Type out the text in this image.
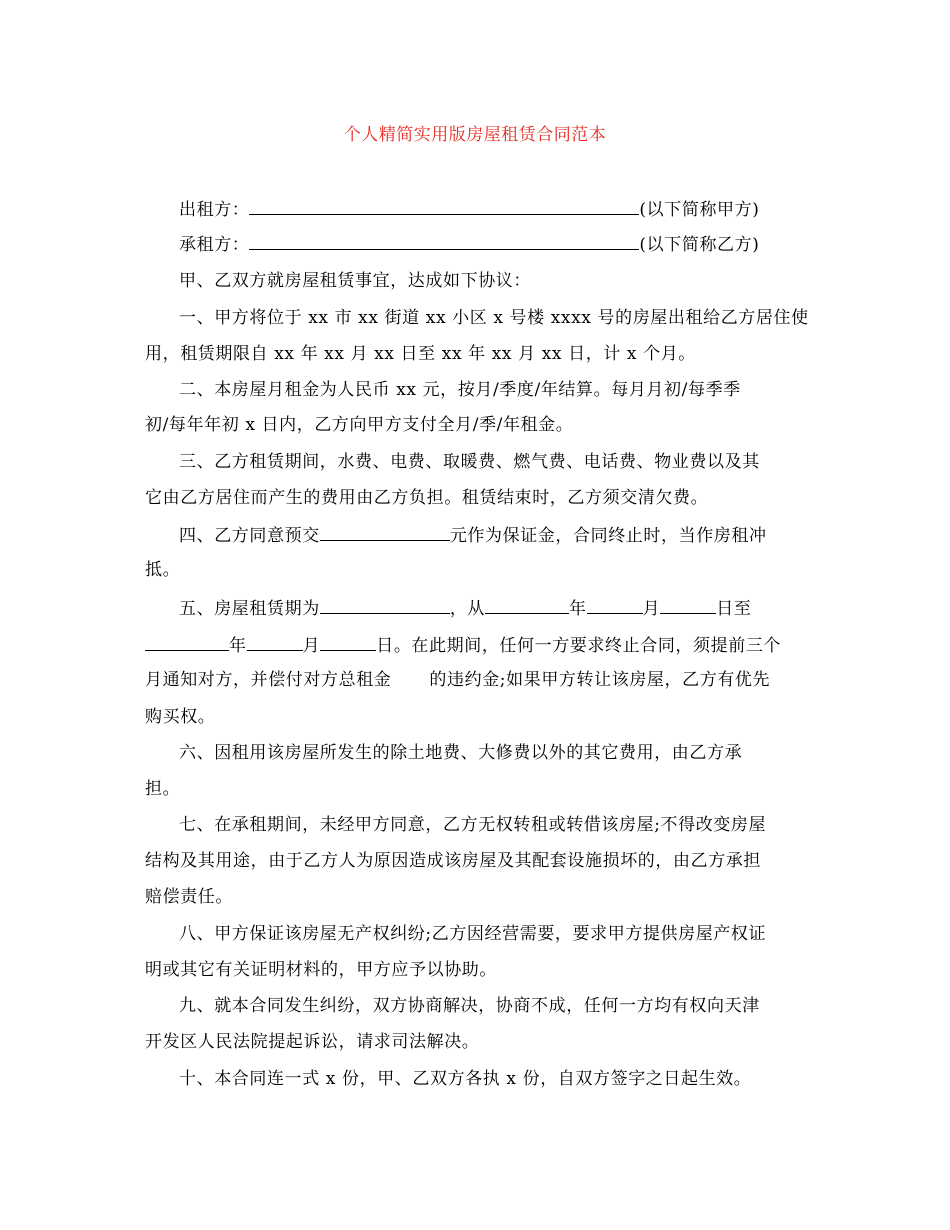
个人精简实用版房屋租赁合同范本
出租方：	(以下简称甲方)
承租方：	(以下简称乙方)
甲、乙双方就房屋租赁事宜，达成如下协议：
一、甲方将位于 xx 市 xx 街道 xx 小区 x 号楼 xxxx 号的房屋出租给乙方居住使
用，租赁期限自 xx 年 xx 月 xx 日至 xx 年 xx 月 xx 日，计 x 个月。
二、本房屋月租金为人民币 xx 元，按月/季度/年结算。每月月初/每季季
初/每年年初 x 日内，乙方向甲方支付全月/季/年租金。
三、乙方租赁期间，水费、电费、取暖费、燃气费、电话费、物业费以及其
它由乙方居住而产生的费用由乙方负担。租赁结束时，乙方须交清欠费。
四、乙方同意预交	元作为保证金，合同终止时，当作房租冲
抵。
五、房屋租赁期为	，从	年	月	日至
年	月	日。在此期间，任何一方要求终止合同，须提前三个
月通知对方，并偿付对方总租金 的违约金;如果甲方转让该房屋，乙方有优先
购买权。
六、因租用该房屋所发生的除土地费、大修费以外的其它费用，由乙方承
担。
七、在承租期间，未经甲方同意，乙方无权转租或转借该房屋;不得改变房屋
结构及其用途，由于乙方人为原因造成该房屋及其配套设施损坏的，由乙方承担
赔偿责任。
八、甲方保证该房屋无产权纠纷;乙方因经营需要，要求甲方提供房屋产权证
明或其它有关证明材料的，甲方应予以协助。
九、就本合同发生纠纷，双方协商解决，协商不成，任何一方均有权向天津
开发区人民法院提起诉讼，请求司法解决。
十、本合同连一式 x 份，甲、乙双方各执 x 份，自双方签字之日起生效。
